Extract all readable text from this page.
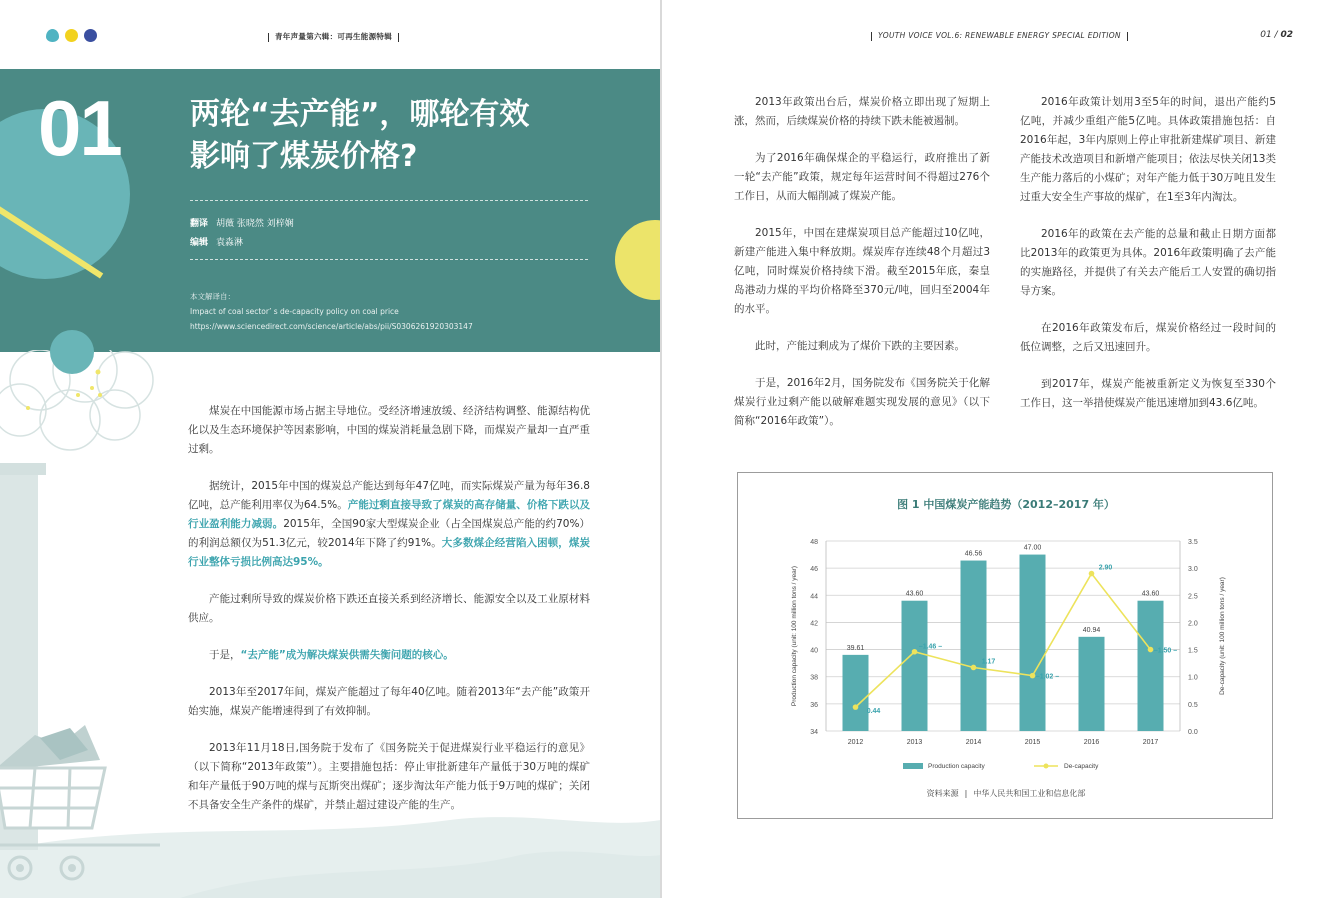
青年声量第六辑：可再生能源特辑
01 两轮“去产能”，哪轮有效
影响了煤炭价格?
翻译 胡薇 张晓然 刘梓娴
编辑 袁淼淋
本文解译自：
Impact of coal sector’ s de-capacity policy on coal price
https://www.sciencedirect.com/science/article/abs/pii/S0306261920303147

煤炭在中国能源市场占据主导地位。受经济增速放缓、经济结构调整、能源结构优化以及生态环境保护等因素影响，中国的煤炭消耗量急剧下降，而煤炭产量却一直严重过剩。

据统计，2015年中国的煤炭总产能达到每年47亿吨，而实际煤炭产量为每年36.8亿吨，总产能利用率仅为64.5%。产能过剩直接导致了煤炭的高存储量、价格下跌以及行业盈利能力减弱。2015年，全国90家大型煤炭企业（占全国煤炭总产能的约70%）的利润总额仅为51.3亿元，较2014年下降了约91%。大多数煤企经营陷入困顿，煤炭行业整体亏损比例高达95%。

产能过剩所导致的煤炭价格下跌还直接关系到经济增长、能源安全以及工业原材料供应。

于是，“去产能”成为解决煤炭供需失衡问题的核心。

2013年至2017年间，煤炭产能超过了每年40亿吨。随着2013年“去产能”政策开始实施，煤炭产能增速得到了有效抑制。

2013年11月18日,国务院于发布了《国务院关于促进煤炭行业平稳运行的意见》（以下简称“2013年政策”）。主要措施包括：停止审批新建年产量低于30万吨的煤矿和年产量低于90万吨的煤与瓦斯突出煤矿；逐步淘汰年产能力低于9万吨的煤矿；关闭不具备安全生产条件的煤矿，并禁止超过建设产能的生产。

YOUTH VOICE VOL.6: RENEWABLE ENERGY SPECIAL EDITION	01 / 02

2013年政策出台后，煤炭价格立即出现了短期上涨，然而，后续煤炭价格的持续下跌未能被遏制。

为了2016年确保煤企的平稳运行，政府推出了新一轮“去产能”政策，规定每年运营时间不得超过276个工作日，从而大幅削减了煤炭产能。

2015年，中国在建煤炭项目总产能超过10亿吨，新建产能进入集中释放期。煤炭库存连续48个月超过3亿吨，同时煤炭价格持续下滑。截至2015年底，秦皇岛港动力煤的平均价格降至370元/吨，回归至2004年的水平。

此时，产能过剩成为了煤价下跌的主要因素。

于是，2016年2月，国务院发布《国务院关于化解煤炭行业过剩产能以破解难题实现发展的意见》（以下简称“2016年政策”）。

2016年政策计划用3至5年的时间，退出产能约5亿吨，并减少重组产能5亿吨。具体政策措施包括：自2016年起，3年内原则上停止审批新建煤矿项目、新建产能技术改造项目和新增产能项目；依法尽快关闭13类生产能力落后的小煤矿；对年产能力低于30万吨且发生过重大安全生产事故的煤矿，在1至3年内淘汰。

2016年的政策在去产能的总量和截止日期方面都比2013年的政策更为具体。2016年政策明确了去产能的实施路径，并提供了有关去产能后工人安置的确切指导方案。

在2016年政策发布后，煤炭价格经过一段时间的低位调整，之后又迅速回升。

到2017年，煤炭产能被重新定义为恢复至330个工作日，这一举措使煤炭产能迅速增加到43.6亿吨。

图 1 中国煤炭产能趋势（2012–2017 年）
34
36
38
40
42
44
46
48
0.0
0.5
1.0
1.5
2.0
2.5
3.0
3.5
Production capacity (unit: 100 million tons / year)	De-capacity (unit: 100 million tons / year)
39.61
43.60
46.56
47.00
40.94
43.60
2012	2013	2014	2015	2016	2017
0.44
–1.46 –
1.17
–1.02 –
2.90
–1.50 –
Production capacity	De-capacity
资料来源 | 中华人民共和国工业和信息化部
